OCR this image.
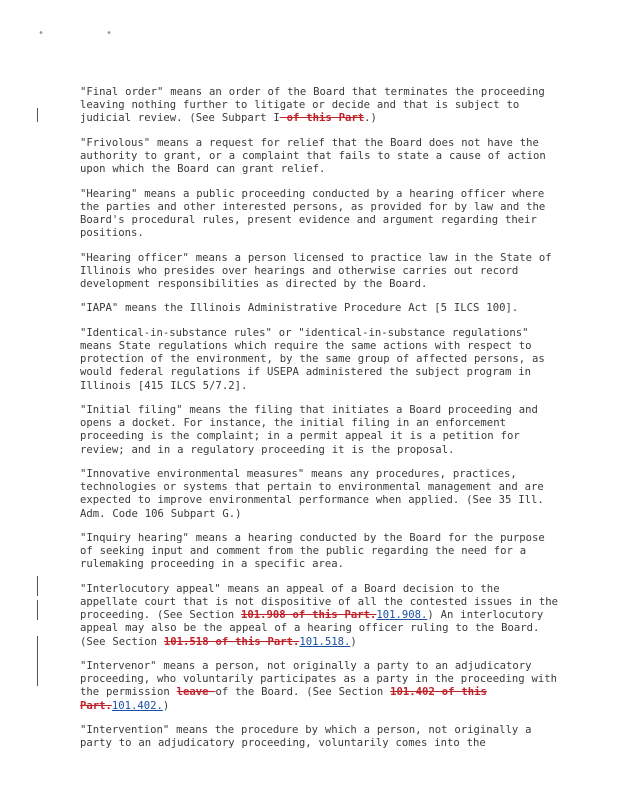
• •

"Final order" means an order of the Board that terminates the proceeding leaving nothing further to litigate or decide and that is subject to judicial review. (See Subpart I of this Part.)

"Frivolous" means a request for relief that the Board does not have the authority to grant, or a complaint that fails to state a cause of action upon which the Board can grant relief.

"Hearing" means a public proceeding conducted by a hearing officer where the parties and other interested persons, as provided for by law and the Board's procedural rules, present evidence and argument regarding their positions.

"Hearing officer" means a person licensed to practice law in the State of Illinois who presides over hearings and otherwise carries out record development responsibilities as directed by the Board.

"IAPA" means the Illinois Administrative Procedure Act [5 ILCS 100].

"Identical-in-substance rules" or "identical-in-substance regulations" means State regulations which require the same actions with respect to protection of the environment, by the same group of affected persons, as would federal regulations if USEPA administered the subject program in Illinois [415 ILCS 5/7.2].

"Initial filing" means the filing that initiates a Board proceeding and opens a docket. For instance, the initial filing in an enforcement proceeding is the complaint; in a permit appeal it is a petition for review; and in a regulatory proceeding it is the proposal.

"Innovative environmental measures" means any procedures, practices, technologies or systems that pertain to environmental management and are expected to improve environmental performance when applied. (See 35 Ill. Adm. Code 106 Subpart G.)

"Inquiry hearing" means a hearing conducted by the Board for the purpose of seeking input and comment from the public regarding the need for a rulemaking proceeding in a specific area.

"Interlocutory appeal" means an appeal of a Board decision to the appellate court that is not dispositive of all the contested issues in the proceeding. (See Section 101.908 of this Part.101.908.) An interlocutory appeal may also be the appeal of a hearing officer ruling to the Board. (See Section 101.518 of this Part.101.518.)

"Intervenor" means a person, not originally a party to an adjudicatory proceeding, who voluntarily participates as a party in the proceeding with the permission leave of the Board. (See Section 101.402 of this Part.101.402.)

"Intervention" means the procedure by which a person, not originally a party to an adjudicatory proceeding, voluntarily comes into the
